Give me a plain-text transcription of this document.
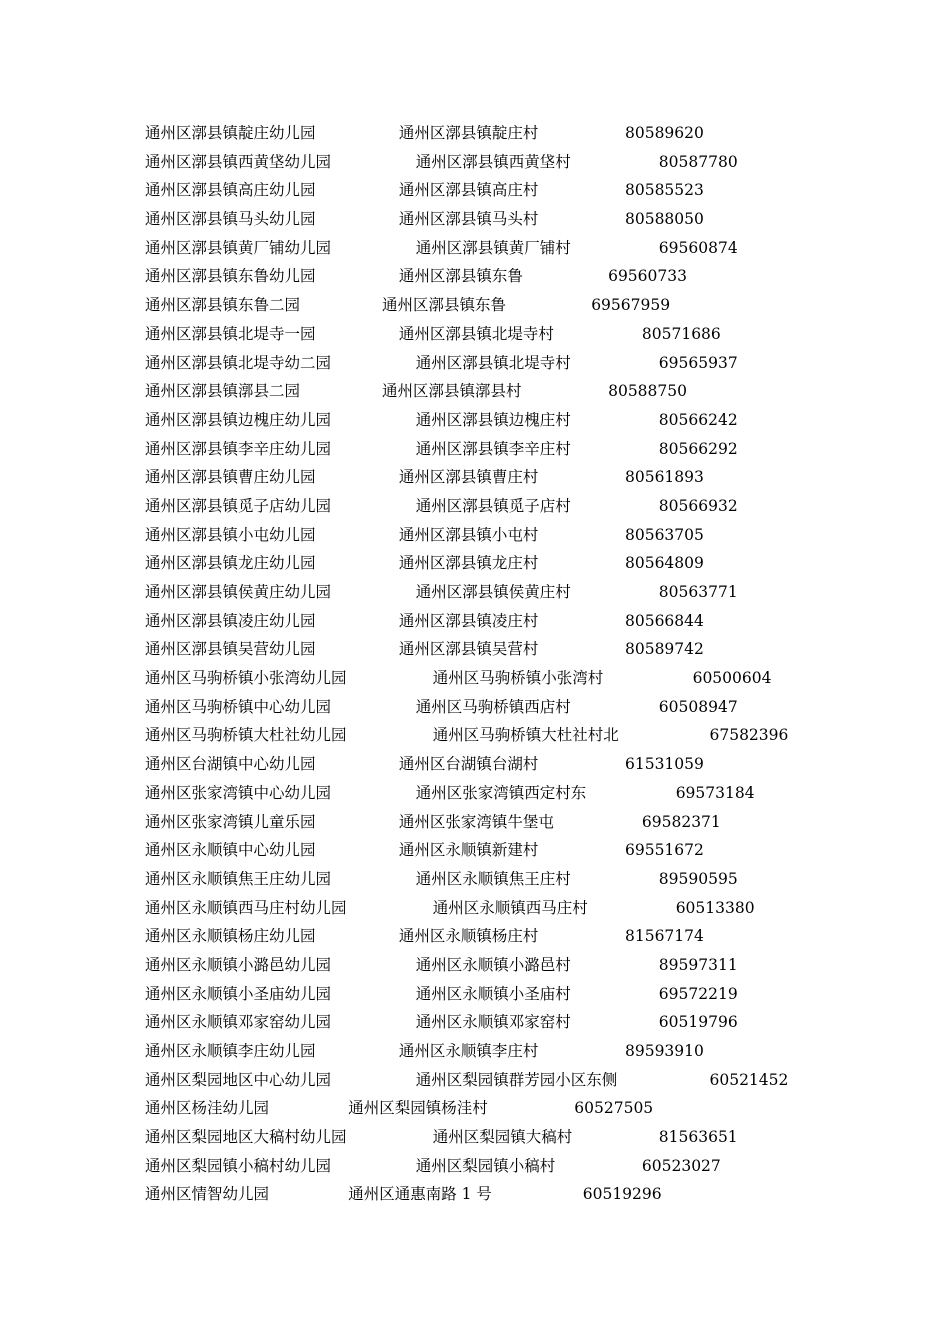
通州区漷县镇靛庄幼儿园	通州区漷县镇靛庄村	80589620
通州区漷县镇西黄垡幼儿园	通州区漷县镇西黄垡村	80587780
通州区漷县镇高庄幼儿园	通州区漷县镇高庄村	80585523
通州区漷县镇马头幼儿园	通州区漷县镇马头村	80588050
通州区漷县镇黄厂铺幼儿园	通州区漷县镇黄厂铺村	69560874
通州区漷县镇东鲁幼儿园	通州区漷县镇东鲁	69560733
通州区漷县镇东鲁二园	通州区漷县镇东鲁	69567959
通州区漷县镇北堤寺一园	通州区漷县镇北堤寺村	80571686
通州区漷县镇北堤寺幼二园	通州区漷县镇北堤寺村	69565937
通州区漷县镇漷县二园	通州区漷县镇漷县村	80588750
通州区漷县镇边槐庄幼儿园	通州区漷县镇边槐庄村	80566242
通州区漷县镇李辛庄幼儿园	通州区漷县镇李辛庄村	80566292
通州区漷县镇曹庄幼儿园	通州区漷县镇曹庄村	80561893
通州区漷县镇觅子店幼儿园	通州区漷县镇觅子店村	80566932
通州区漷县镇小屯幼儿园	通州区漷县镇小屯村	80563705
通州区漷县镇龙庄幼儿园	通州区漷县镇龙庄村	80564809
通州区漷县镇侯黄庄幼儿园	通州区漷县镇侯黄庄村	80563771
通州区漷县镇凌庄幼儿园	通州区漷县镇凌庄村	80566844
通州区漷县镇吴营幼儿园	通州区漷县镇吴营村	80589742
通州区马驹桥镇小张湾幼儿园	通州区马驹桥镇小张湾村	60500604
通州区马驹桥镇中心幼儿园	通州区马驹桥镇西店村	60508947
通州区马驹桥镇大杜社幼儿园	通州区马驹桥镇大杜社村北	67582396
通州区台湖镇中心幼儿园	通州区台湖镇台湖村	61531059
通州区张家湾镇中心幼儿园	通州区张家湾镇西定村东	69573184
通州区张家湾镇儿童乐园	通州区张家湾镇牛堡屯	69582371
通州区永顺镇中心幼儿园	通州区永顺镇新建村	69551672
通州区永顺镇焦王庄幼儿园	通州区永顺镇焦王庄村	89590595
通州区永顺镇西马庄村幼儿园	通州区永顺镇西马庄村	60513380
通州区永顺镇杨庄幼儿园	通州区永顺镇杨庄村	81567174
通州区永顺镇小潞邑幼儿园	通州区永顺镇小潞邑村	89597311
通州区永顺镇小圣庙幼儿园	通州区永顺镇小圣庙村	69572219
通州区永顺镇邓家窑幼儿园	通州区永顺镇邓家窑村	60519796
通州区永顺镇李庄幼儿园	通州区永顺镇李庄村	89593910
通州区梨园地区中心幼儿园	通州区梨园镇群芳园小区东侧	60521452
通州区杨洼幼儿园	通州区梨园镇杨洼村	60527505
通州区梨园地区大稿村幼儿园	通州区梨园镇大稿村	81563651
通州区梨园镇小稿村幼儿园	通州区梨园镇小稿村	60523027
通州区情智幼儿园	通州区通惠南路 1 号	60519296
